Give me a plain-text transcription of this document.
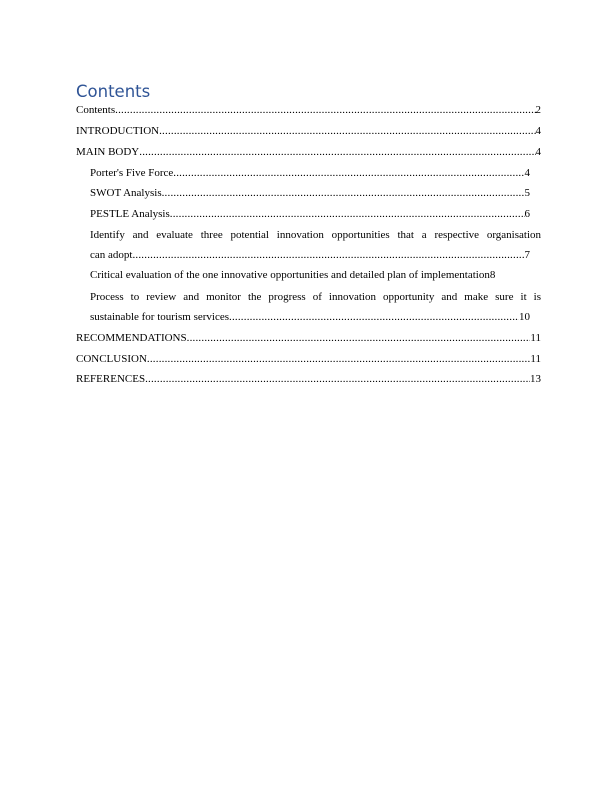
Contents
Contents .....	2
INTRODUCTION .....	4
MAIN BODY .....	4
Porter's Five Force .....	4
SWOT Analysis .....	5
PESTLE Analysis .....	6
Identify and evaluate three potential innovation opportunities that a respective organisation
can adopt .....	7
Critical evaluation of the one innovative opportunities and detailed plan of implementation 8
Process to review and monitor the progress of innovation opportunity and make sure it is
sustainable for tourism services .....	10
RECOMMENDATIONS .....	11
CONCLUSION .....	11
REFERENCES .....	13
